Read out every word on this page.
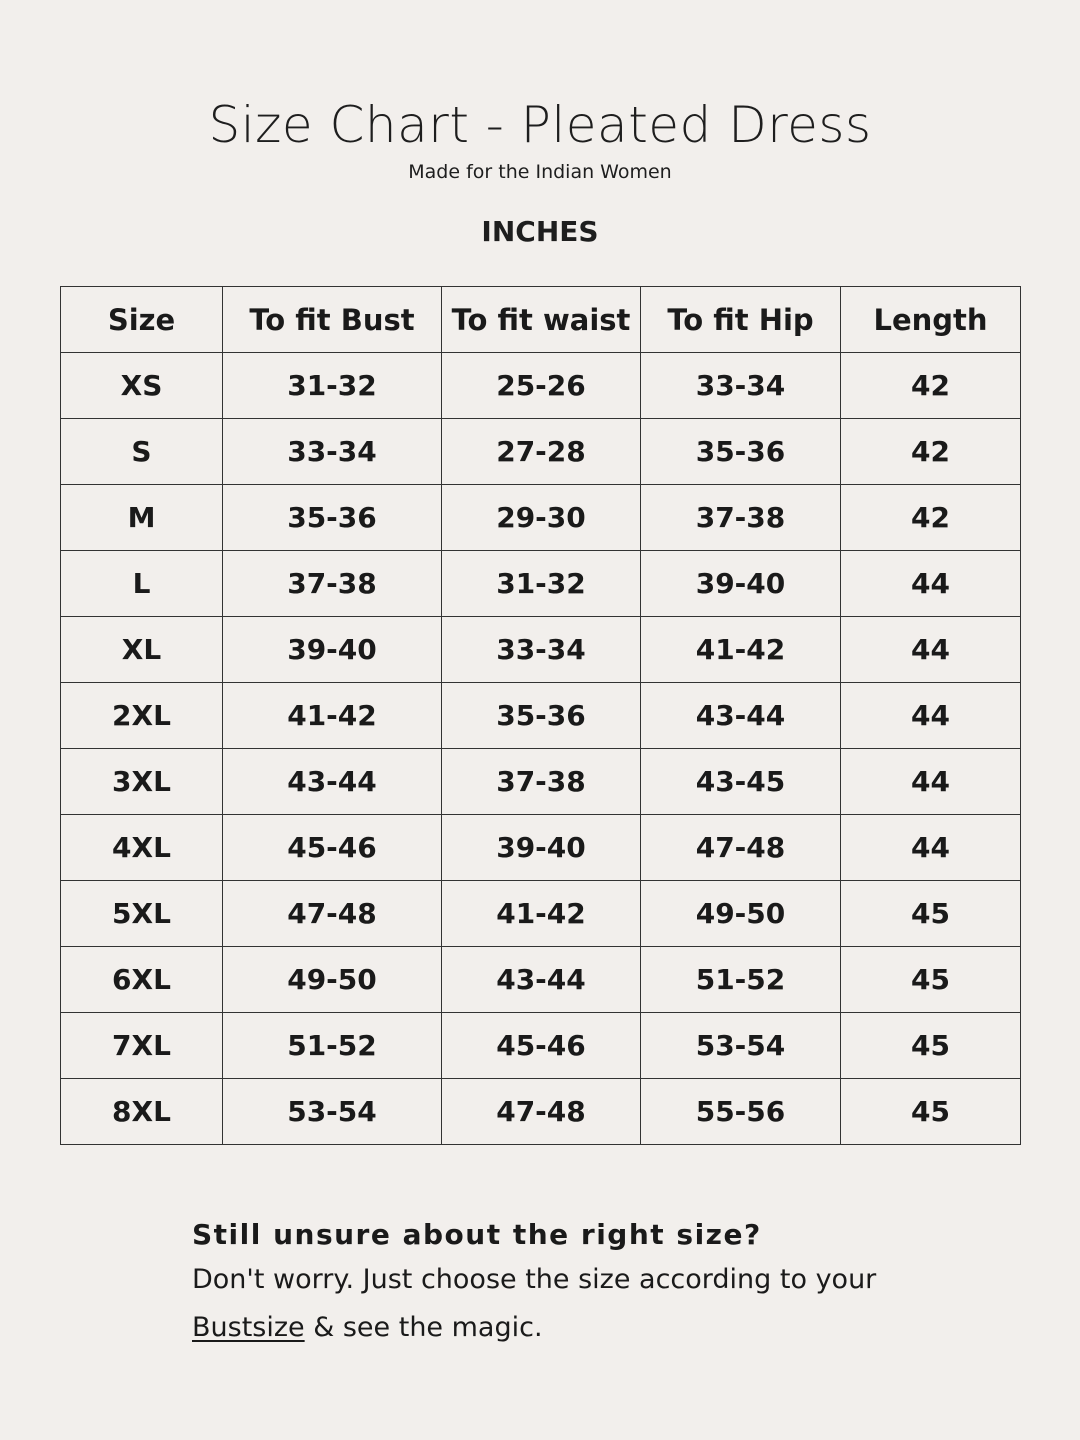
Size Chart - Pleated Dress
Made for the Indian Women
INCHES
Size	To fit Bust	To fit waist	To fit Hip	Length
XS	31-32	25-26	33-34	42
S	33-34	27-28	35-36	42
M	35-36	29-30	37-38	42
L	37-38	31-32	39-40	44
XL	39-40	33-34	41-42	44
2XL	41-42	35-36	43-44	44
3XL	43-44	37-38	43-45	44
4XL	45-46	39-40	47-48	44
5XL	47-48	41-42	49-50	45
6XL	49-50	43-44	51-52	45
7XL	51-52	45-46	53-54	45
8XL	53-54	47-48	55-56	45
Still unsure about the right size?
Don't worry. Just choose the size according to your
Bustsize & see the magic.
